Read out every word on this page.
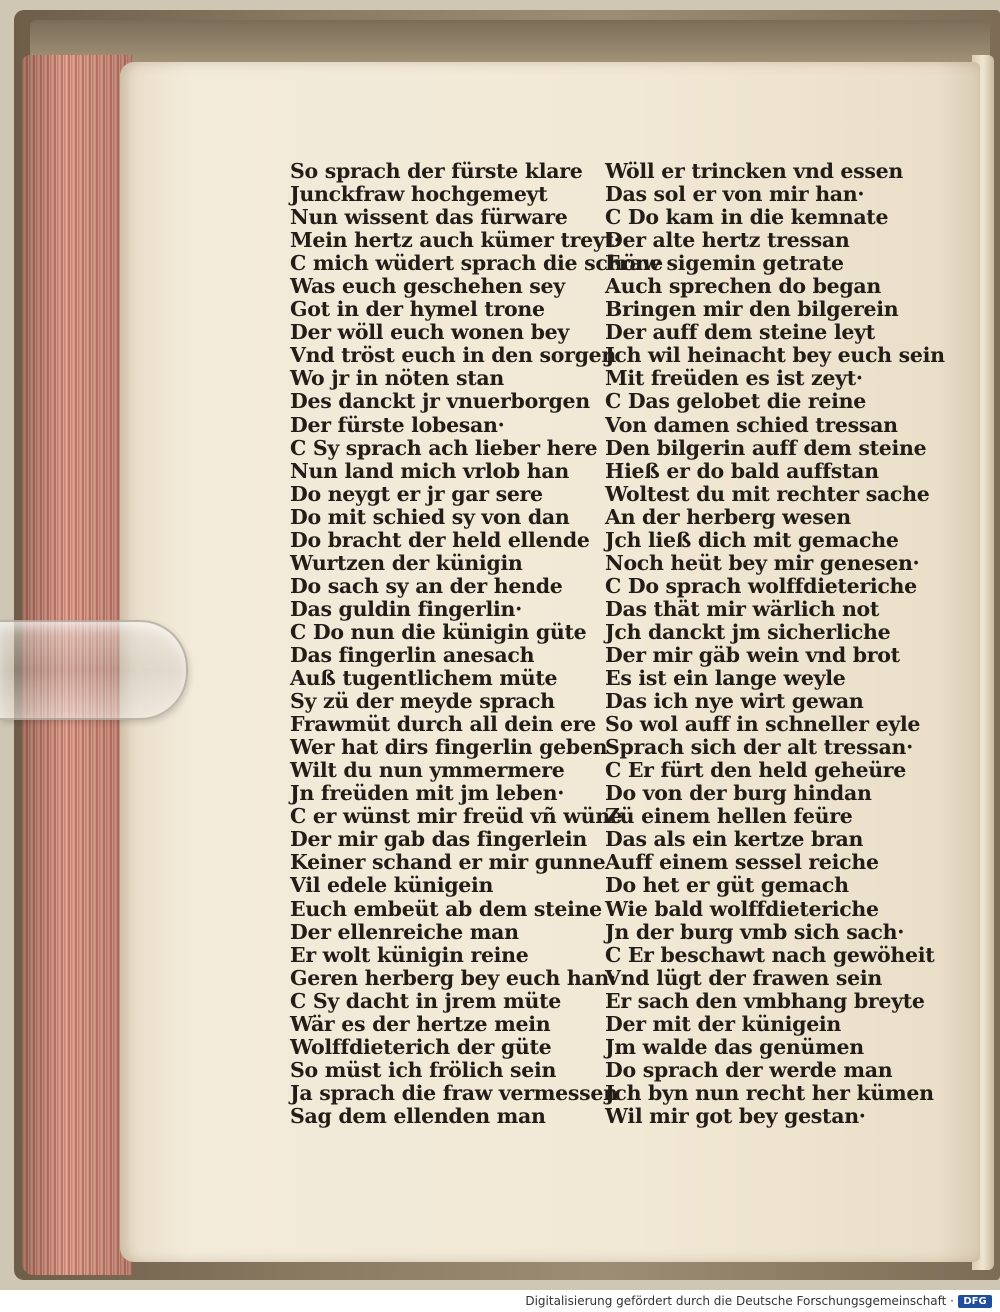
So sprach der fürste klare
Junckfraw hochgemeyt
Nun wissent das fürware
Mein hertz auch kümer treyt·
C mich wüdert sprach die schöne
Was euch geschehen sey
Got in der hymel trone
Der wöll euch wonen bey
Vnd tröst euch in den sorgen
Wo jr in nöten stan
Des danckt jr vnuerborgen
Der fürste lobesan·
C Sy sprach ach lieber here
Nun land mich vrlob han
Do neygt er jr gar sere
Do mit schied sy von dan
Do bracht der held ellende
Wurtzen der künigin
Do sach sy an der hende
Das guldin fingerlin·
C Do nun die künigin güte
Das fingerlin anesach
Auß tugentlichem müte
Sy zü der meyde sprach
Frawmüt durch all dein ere
Wer hat dirs fingerlin geben
Wilt du nun ymmermere
Jn freüden mit jm leben·
C er wünst mir freüd vñ wüne
Der mir gab das fingerlein
Keiner schand er mir gunne
Vil edele künigein
Euch embeüt ab dem steine
Der ellenreiche man
Er wolt künigin reine
Geren herberg bey euch han·
C Sy dacht in jrem müte
Wär es der hertze mein
Wolffdieterich der güte
So müst ich frölich sein
Ja sprach die fraw vermessen
Sag dem ellenden man
Wöll er trincken vnd essen
Das sol er von mir han·
C Do kam in die kemnate
Der alte hertz tressan
Fraw sigemin getrate
Auch sprechen do began
Bringen mir den bilgerein
Der auff dem steine leyt
Jch wil heinacht bey euch sein
Mit freüden es ist zeyt·
C Das gelobet die reine
Von damen schied tressan
Den bilgerin auff dem steine
Hieß er do bald auffstan
Woltest du mit rechter sache
An der herberg wesen
Jch ließ dich mit gemache
Noch heüt bey mir genesen·
C Do sprach wolffdieteriche
Das thät mir wärlich not
Jch danckt jm sicherliche
Der mir gäb wein vnd brot
Es ist ein lange weyle
Das ich nye wirt gewan
So wol auff in schneller eyle
Sprach sich der alt tressan·
C Er fürt den held geheüre
Do von der burg hindan
Zü einem hellen feüre
Das als ein kertze bran
Auff einem sessel reiche
Do het er güt gemach
Wie bald wolffdieteriche
Jn der burg vmb sich sach·
C Er beschawt nach gewöheit
Vnd lügt der frawen sein
Er sach den vmbhang breyte
Der mit der künigein
Jm walde das genümen
Do sprach der werde man
Jch byn nun recht her kümen
Wil mir got bey gestan·
Digitalisierung gefördert durch die Deutsche Forschungsgemeinschaft · DFG
